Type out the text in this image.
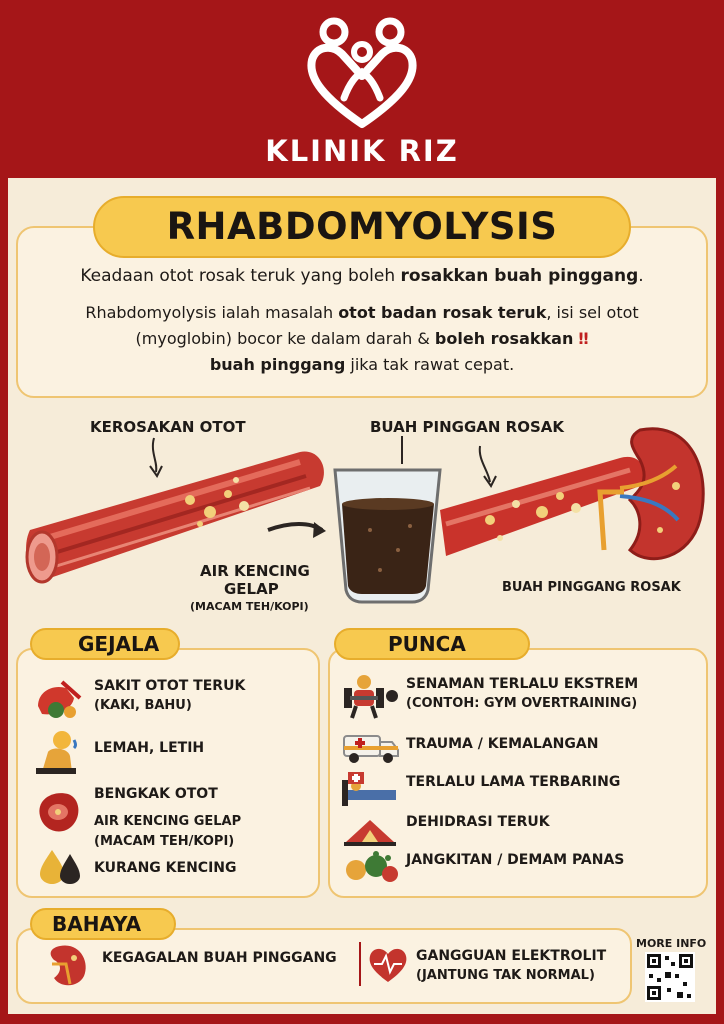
KLINIK RIZ
RHABDOMYOLYSIS
Keadaan otot rosak teruk yang boleh rosakkan buah pinggang.
Rhabdomyolysis ialah masalah otot badan rosak teruk, isi sel otot (myoglobin) bocor ke dalam darah & boleh rosakkan ‼
buah pinggang jika tak rawat cepat.
KEROSAKAN OTOT	BUAH PINGGAN ROSAK
AIR KENCING
GELAP
(MACAM TEH/KOPI)
BUAH PINGGANG ROSAK
GEJALA
SAKIT OTOT TERUK
(KAKI, BAHU)
LEMAH, LETIH
BENGKAK OTOT
AIR KENCING GELAP
(MACAM TEH/KOPI)
KURANG KENCING
PUNCA
SENAMAN TERLALU EKSTREM
(CONTOH: GYM OVERTRAINING)
TRAUMA / KEMALANGAN
TERLALU LAMA TERBARING
DEHIDRASI TERUK
JANGKITAN / DEMAM PANAS
BAHAYA
KEGAGALAN BUAH PINGGANG	GANGGUAN ELEKTROLIT
(JANTUNG TAK NORMAL)
MORE INFO
